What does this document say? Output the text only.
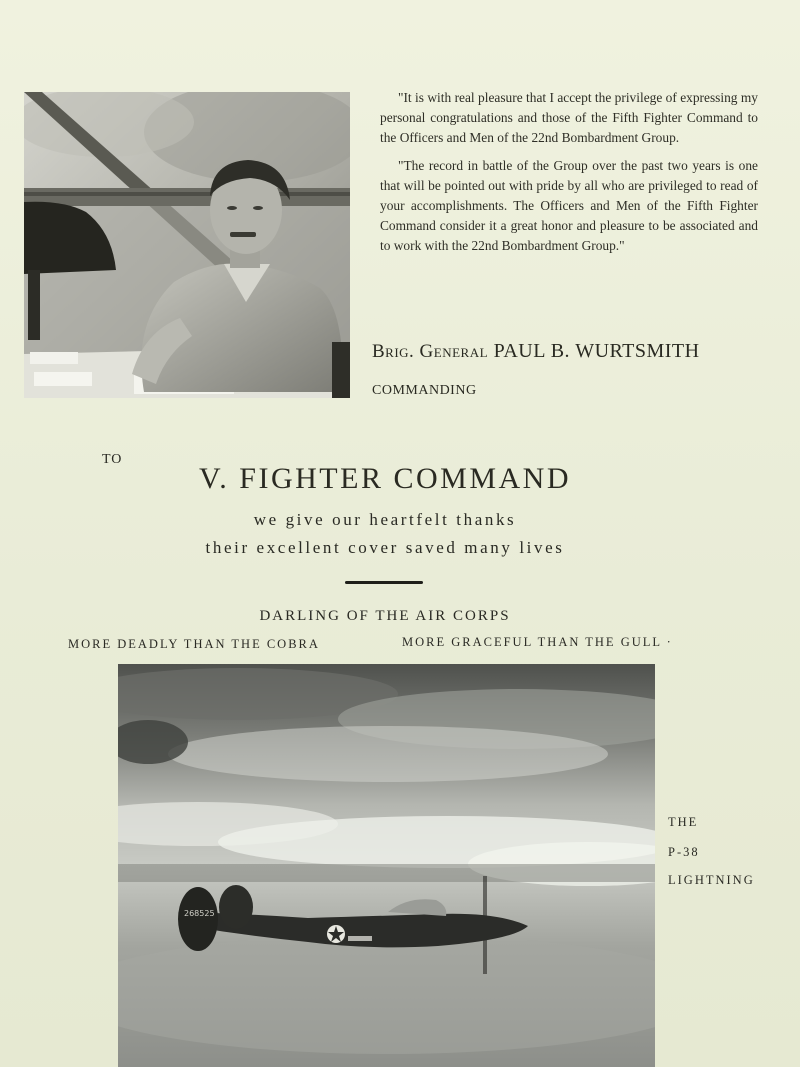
"It is with real pleasure that I accept the privilege of expressing my personal congratulations and those of the Fifth Fighter Command to the Officers and Men of the 22nd Bombardment Group.

"The record in battle of the Group over the past two years is one that will be pointed out with pride by all who are privileged to read of your accomplishments. The Officers and Men of the Fifth Fighter Command consider it a great honor and pleasure to be associated and to work with the 22nd Bombardment Group."

Brig. General PAUL B. WURTSMITH
COMMANDING
TO
V. FIGHTER COMMAND
we give our heartfelt thanks
their excellent cover saved many lives
DARLING OF THE AIR CORPS
MORE DEADLY THAN THE COBRA	MORE GRACEFUL THAN THE GULL ·
268525
THE
P-38
LIGHTNING
